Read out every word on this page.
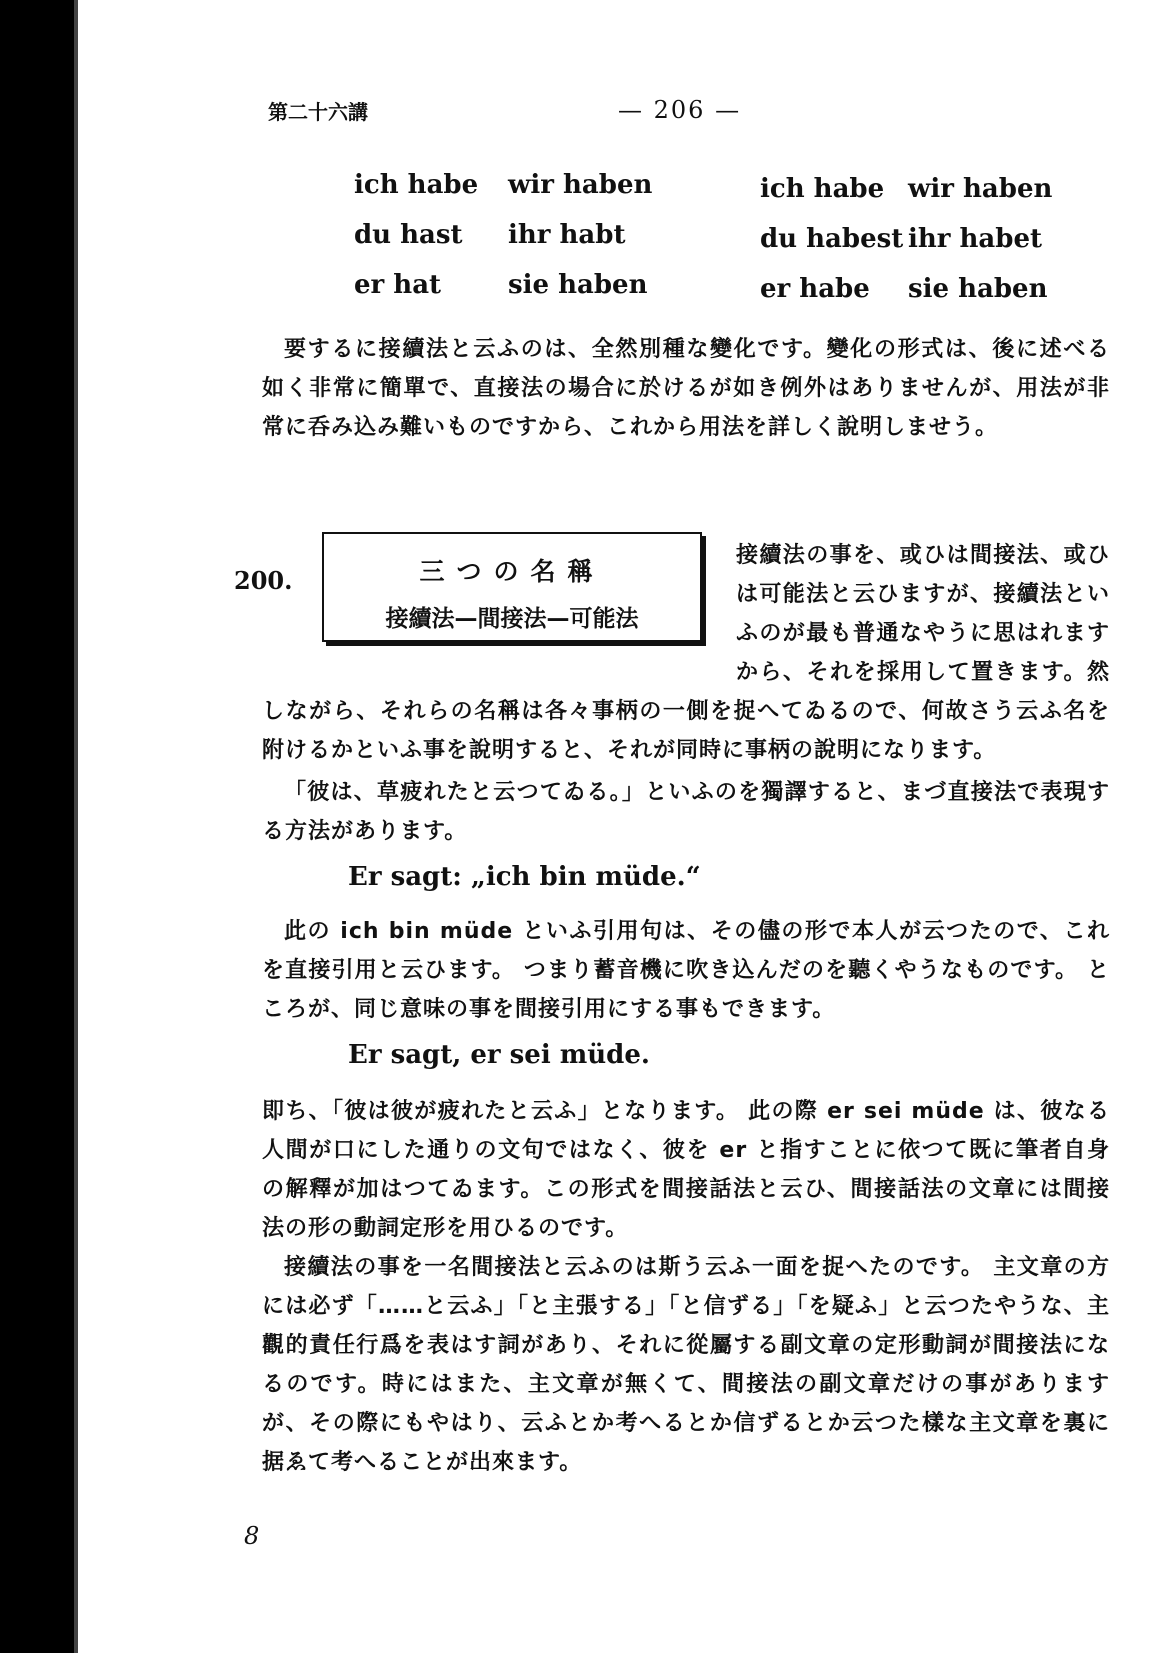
第二十六講	— 206 —
ich habe wir haben
du hast ihr habt
er hat	sie haben
ich habe wir haben
du habest ihr habet
er habe sie haben

要するに接續法と云ふのは、全然別種な變化です。變化の形式は、後に述べる如く非常に簡單で、直接法の場合に於けるが如き例外はありませんが、用法が非常に呑み込み難いものですから、これから用法を詳しく說明しませう。

200.	三つの名稱
接續法—間接法—可能法

接續法の事を、或ひは間接法、或ひは可能法と云ひますが、接續法といふのが最も普通なやうに思はれますから、それを採用して置きます。然しながら、それらの名稱は各々事柄の一側を捉へてゐるので、何故さう云ふ名を附けるかといふ事を說明すると、それが同時に事柄の說明になります。

「彼は、草疲れたと云つてゐる。」といふのを獨譯すると、まづ直接法で表現する方法があります。

Er sagt: „ich bin müde.“

此の ich bin müde といふ引用句は、その儘の形で本人が云つたので、これを直接引用と云ひます。 つまり蓄音機に吹き込んだのを聽くやうなものです。 ところが、同じ意味の事を間接引用にする事もできます。

Er sagt, er sei müde.

即ち、「彼は彼が疲れたと云ふ」となります。 此の際 er sei müde は、彼なる人間が口にした通りの文句ではなく、彼を er と指すことに依つて既に筆者自身の解釋が加はつてゐます。この形式を間接話法と云ひ、間接話法の文章には間接法の形の動詞定形を用ひるのです。

接續法の事を一名間接法と云ふのは斯う云ふ一面を捉へたのです。 主文章の方には必ず「……と云ふ」「と主張する」「と信ずる」「を疑ふ」と云つたやうな、主觀的責任行爲を表はす詞があり、それに從屬する副文章の定形動詞が間接法になるのです。時にはまた、主文章が無くて、間接法の副文章だけの事がありますが、その際にもやはり、云ふとか考へるとか信ずるとか云つた樣な主文章を裏に据ゑて考へることが出來ます。

8
